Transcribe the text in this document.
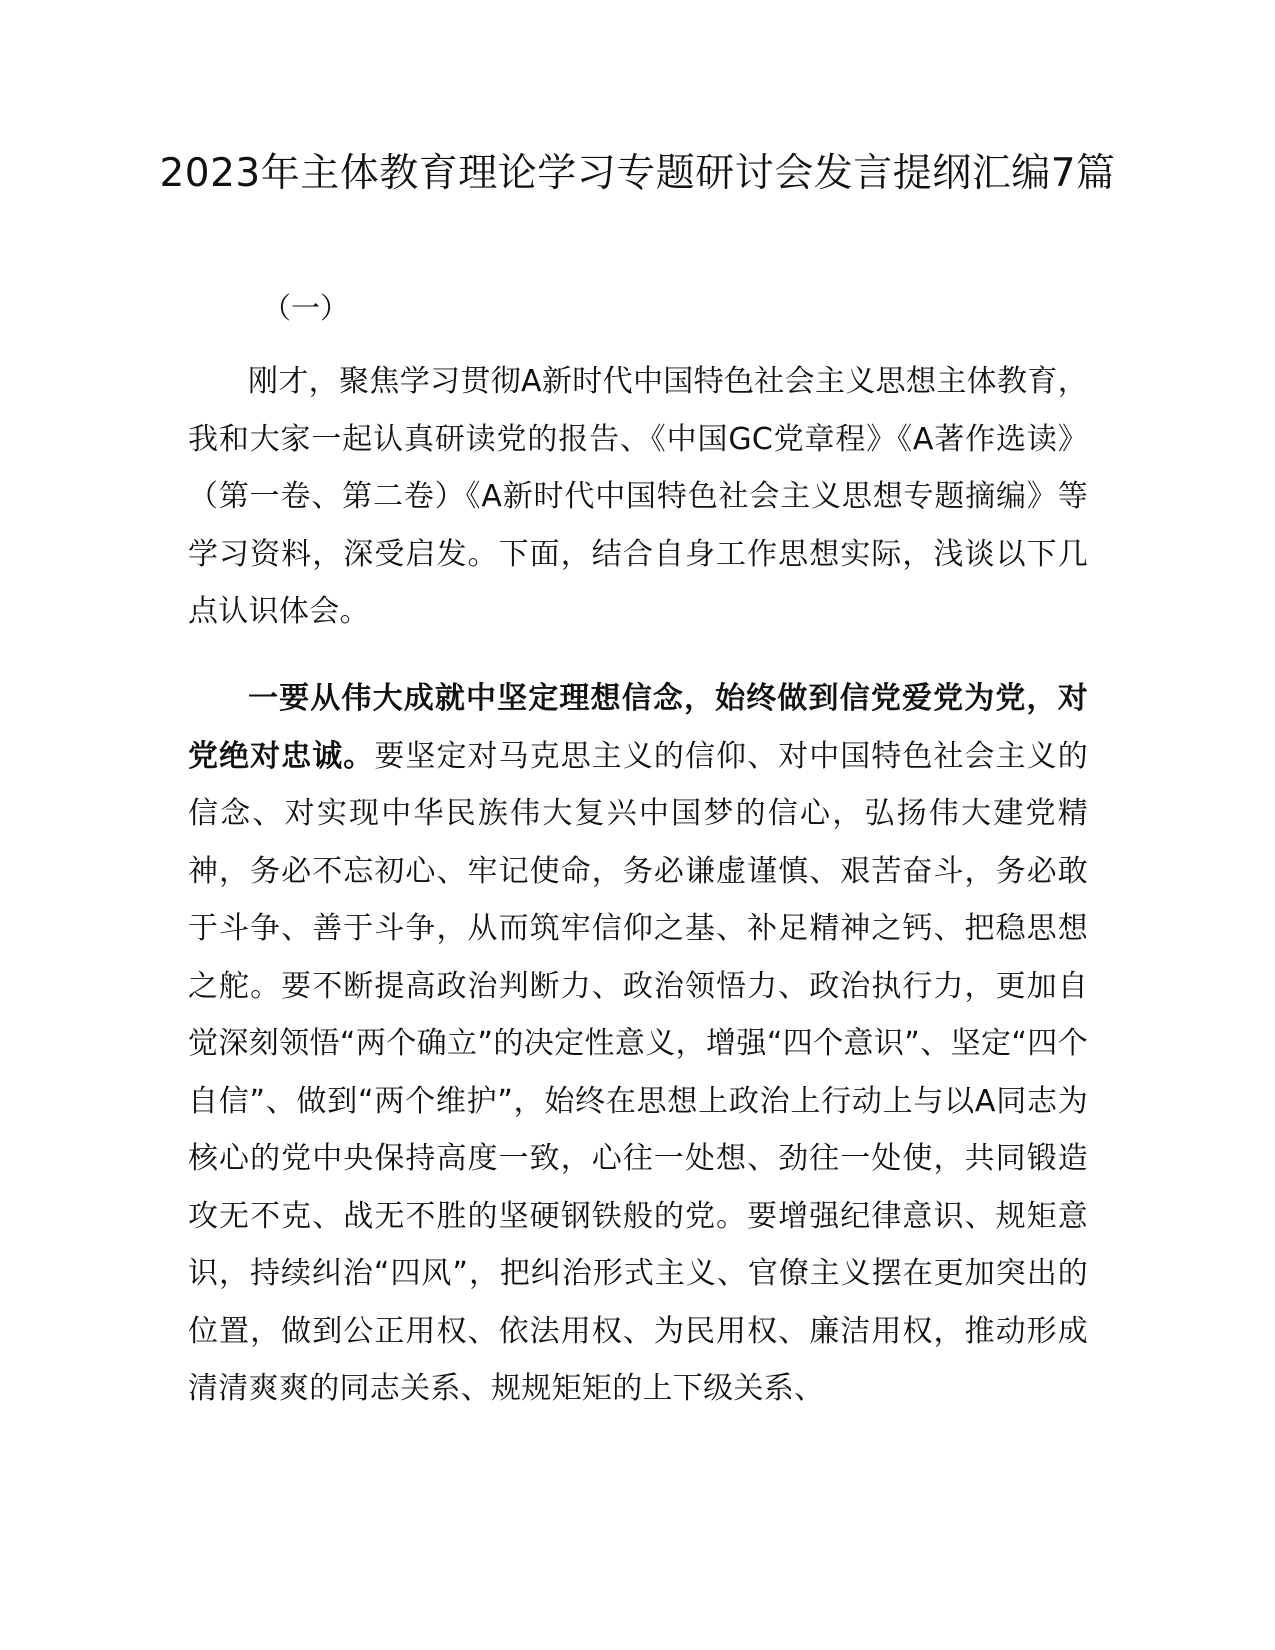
2023年主体教育理论学习专题研讨会发言提纲汇编7篇
（一）

刚才，聚焦学习贯彻A新时代中国特色社会主义思想主体教育，我和大家一起认真研读党的报告、《中国GC党章程》《A著作选读》（第一卷、第二卷）《A新时代中国特色社会主义思想专题摘编》等学习资料，深受启发。下面，结合自身工作思想实际，浅谈以下几点认识体会。

一要从伟大成就中坚定理想信念，始终做到信党爱党为党，对党绝对忠诚。要坚定对马克思主义的信仰、对中国特色社会主义的信念、对实现中华民族伟大复兴中国梦的信心，弘扬伟大建党精神，务必不忘初心、牢记使命，务必谦虚谨慎、艰苦奋斗，务必敢于斗争、善于斗争，从而筑牢信仰之基、补足精神之钙、把稳思想之舵。要不断提高政治判断力、政治领悟力、政治执行力，更加自觉深刻领悟“两个确立”的决定性意义，增强“四个意识”、坚定“四个自信”、做到“两个维护”，始终在思想上政治上行动上与以A同志为核心的党中央保持高度一致，心往一处想、劲往一处使，共同锻造攻无不克、战无不胜的坚硬钢铁般的党。要增强纪律意识、规矩意识，持续纠治“四风”，把纠治形式主义、官僚主义摆在更加突出的位置，做到公正用权、依法用权、为民用权、廉洁用权，推动形成清清爽爽的同志关系、规规矩矩的上下级关系、
